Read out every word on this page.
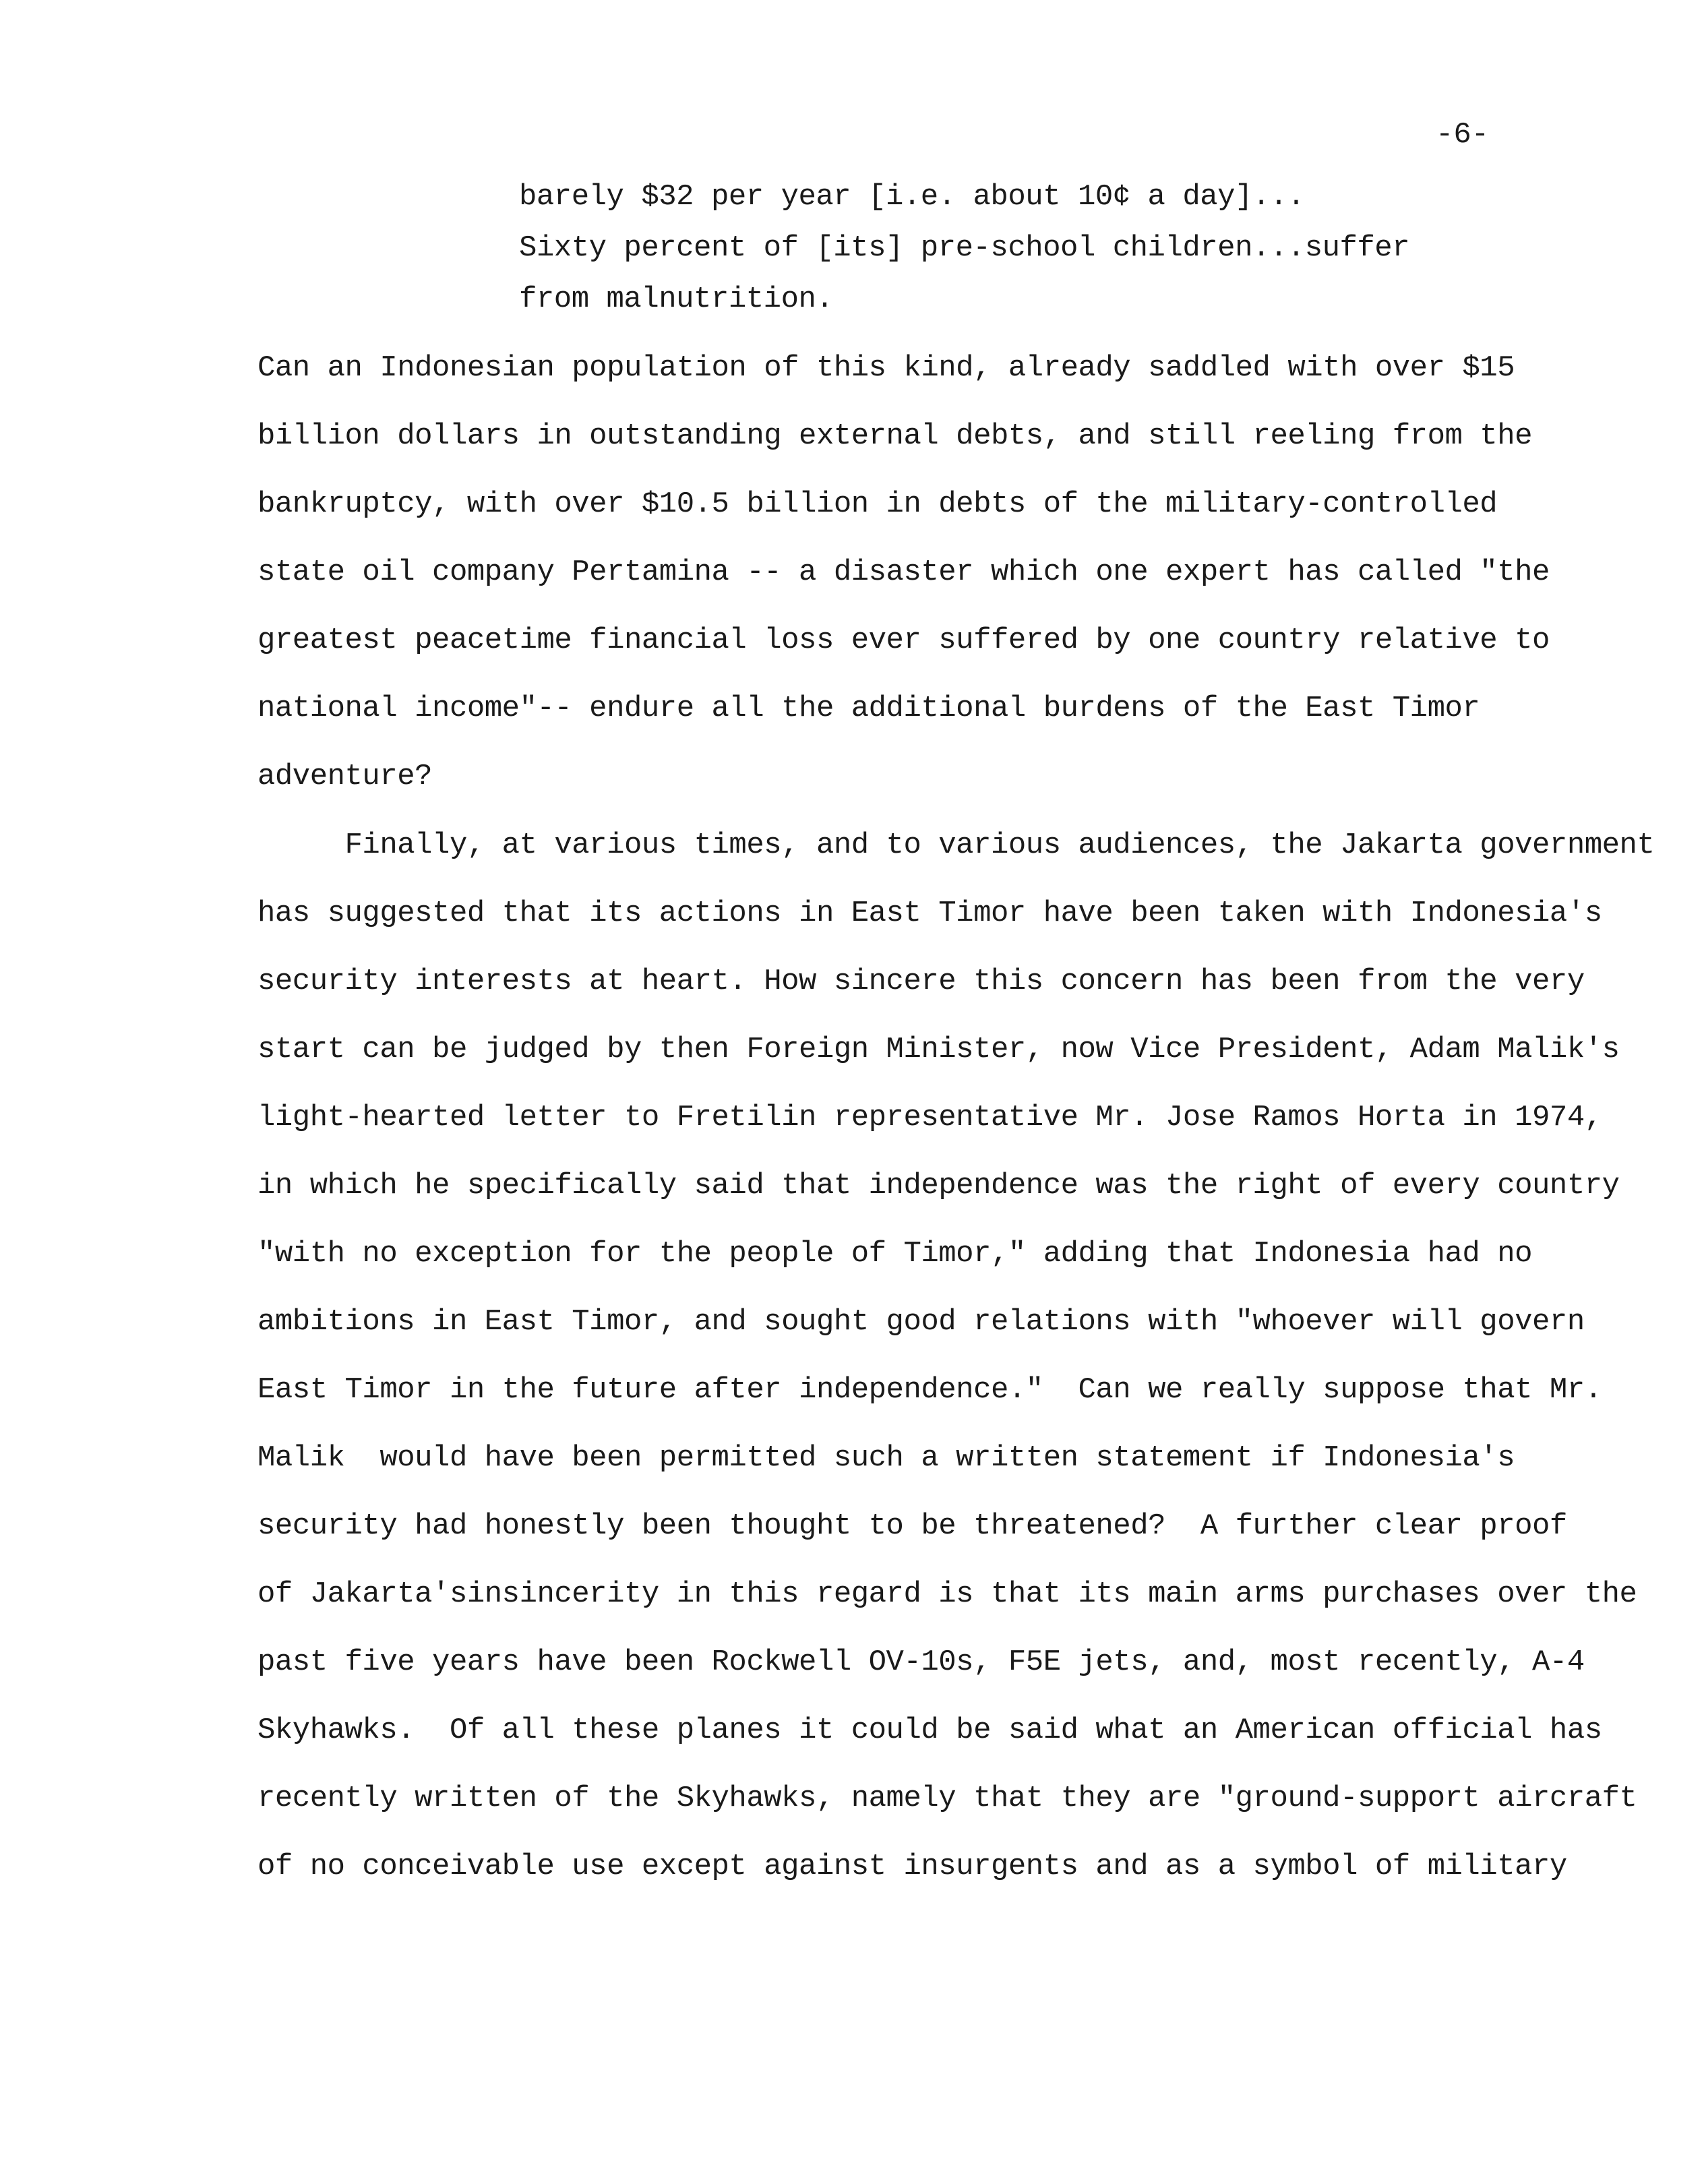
-6-
barely $32 per year [i.e. about 10¢ a day]...
Sixty percent of [its] pre-school children...suffer
from malnutrition.
Can an Indonesian population of this kind, already saddled with over $15
billion dollars in outstanding external debts, and still reeling from the
bankruptcy, with over $10.5 billion in debts of the military-controlled
state oil company Pertamina -- a disaster which one expert has called "the
greatest peacetime financial loss ever suffered by one country relative to
national income"-- endure all the additional burdens of the East Timor
adventure?
Finally, at various times, and to various audiences, the Jakarta government
has suggested that its actions in East Timor have been taken with Indonesia's
security interests at heart. How sincere this concern has been from the very
start can be judged by then Foreign Minister, now Vice President, Adam Malik's
light-hearted letter to Fretilin representative Mr. Jose Ramos Horta in 1974,
in which he specifically said that independence was the right of every country
"with no exception for the people of Timor," adding that Indonesia had no
ambitions in East Timor, and sought good relations with "whoever will govern
East Timor in the future after independence."  Can we really suppose that Mr.
Malik  would have been permitted such a written statement if Indonesia's
security had honestly been thought to be threatened?  A further clear proof
of Jakarta'sinsincerity in this regard is that its main arms purchases over the
past five years have been Rockwell OV-10s, F5E jets, and, most recently, A-4
Skyhawks.  Of all these planes it could be said what an American official has
recently written of the Skyhawks, namely that they are "ground-support aircraft
of no conceivable use except against insurgents and as a symbol of military
